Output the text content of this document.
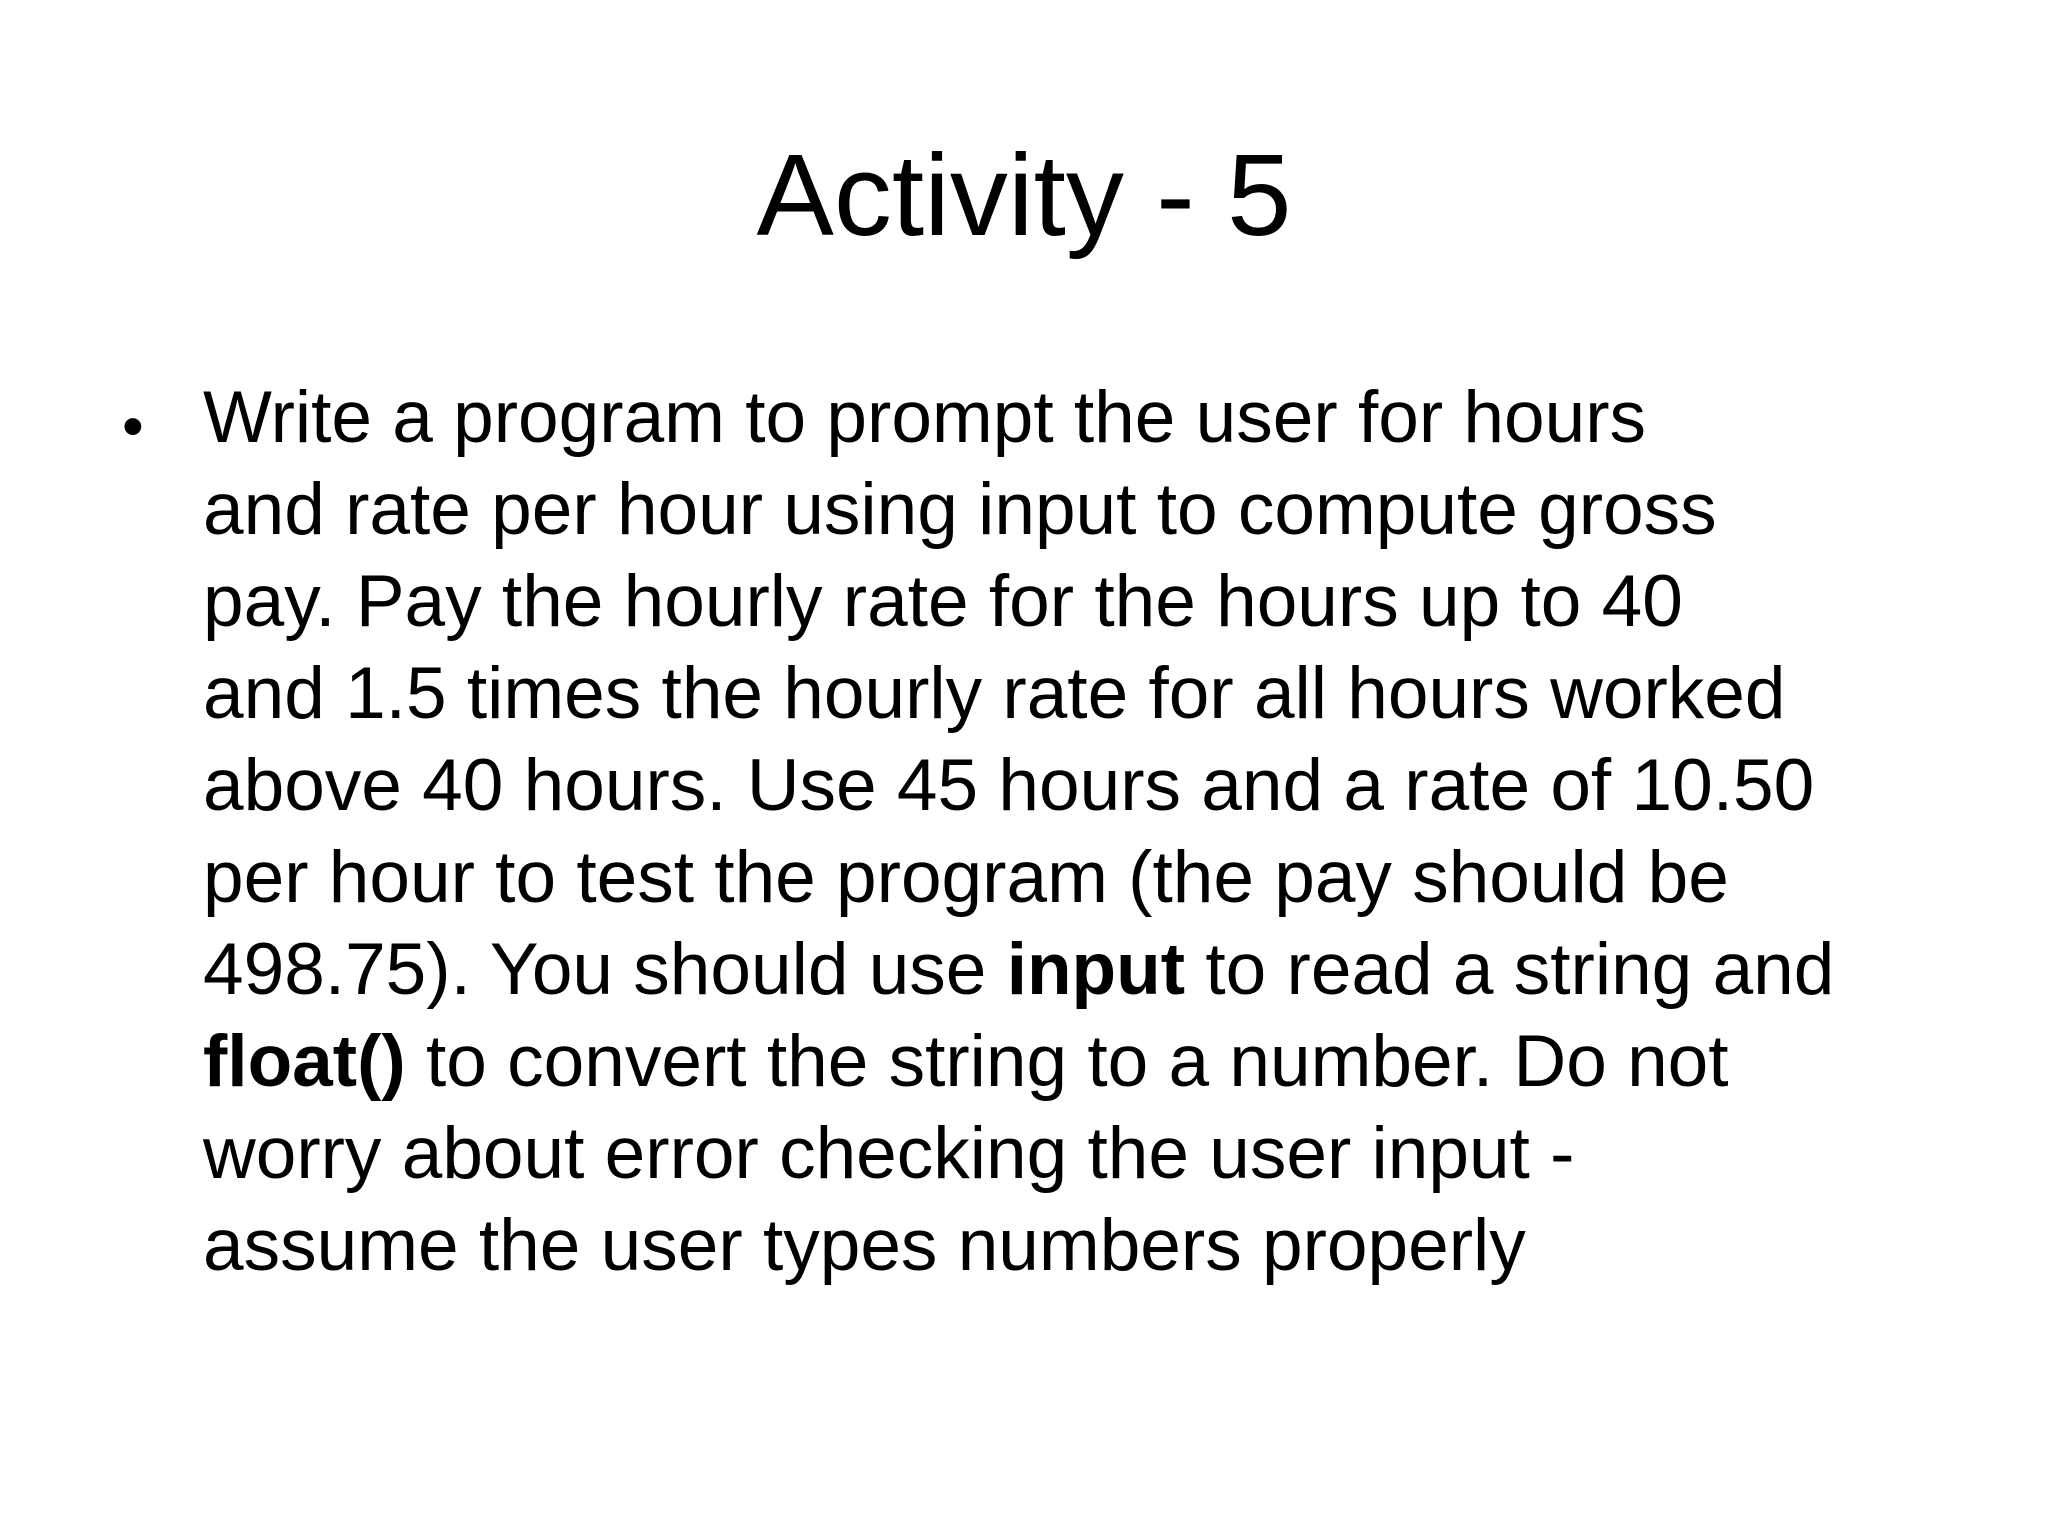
Activity - 5
• Write a program to prompt the user for hours

and rate per hour using input to compute gross

pay. Pay the hourly rate for the hours up to 40

and 1.5 times the hourly rate for all hours worked

above 40 hours. Use 45 hours and a rate of 10.50

per hour to test the program (the pay should be

498.75). You should use input to read a string and

float() to convert the string to a number. Do not

worry about error checking the user input -

assume the user types numbers properly
